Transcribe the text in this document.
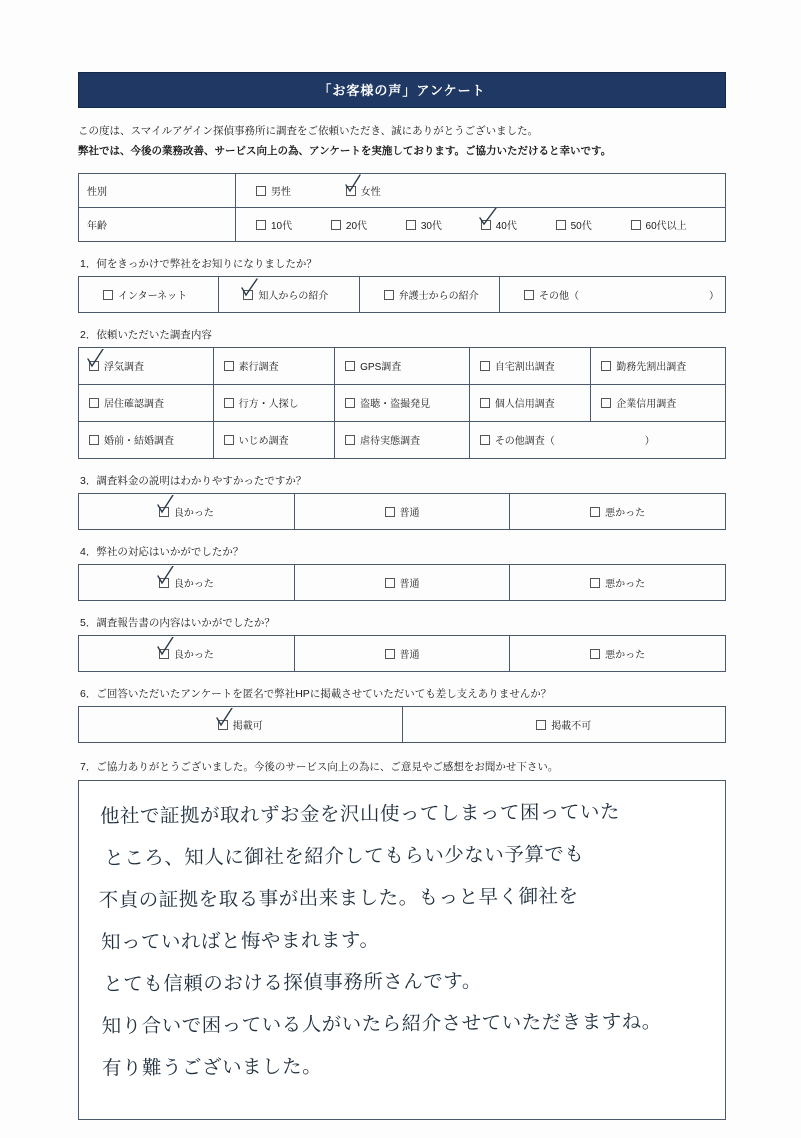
「お客様の声」アンケート
この度は、スマイルアゲイン探偵事務所に調査をご依頼いただき、誠にありがとうございました。
弊社では、今後の業務改善、サービス向上の為、アンケートを実施しております。ご協力いただけると幸いです。
性別	男性 女性

年齢	10代 20代 30代 40代 50代 60代以上
1．何をきっかけで弊社をお知りになりましたか？
インターネット	知人からの紹介	弁護士からの紹介	その他（　　　　　　　　　　　　　）
2．依頼いただいた調査内容
浮気調査	素行調査	GPS調査	自宅割出調査	勤務先割出調査
居住確認調査	行方・人探し	盗聴・盗撮発見	個人信用調査	企業信用調査
婚前・結婚調査	いじめ調査	虐待実態調査	その他調査（　　　　　　　　　）	
3．調査料金の説明はわかりやすかったですか？
良かった	普通	悪かった
4．弊社の対応はいかがでしたか？
良かった	普通	悪かった
5．調査報告書の内容はいかがでしたか？
良かった	普通	悪かった
6．ご回答いただいたアンケートを匿名で弊社HPに掲載させていただいても差し支えありませんか？
掲載可	掲載不可
7．ご協力ありがとうございました。今後のサービス向上の為に、ご意見やご感想をお聞かせ下さい。
他社で証拠が取れずお金を沢山使ってしまって困っていた
ところ、知人に御社を紹介してもらい少ない予算でも
不貞の証拠を取る事が出来ました。もっと早く御社を
知っていればと悔やまれます。
とても信頼のおける探偵事務所さんです。
知り合いで困っている人がいたら紹介させていただきますね。
有り難うございました。
